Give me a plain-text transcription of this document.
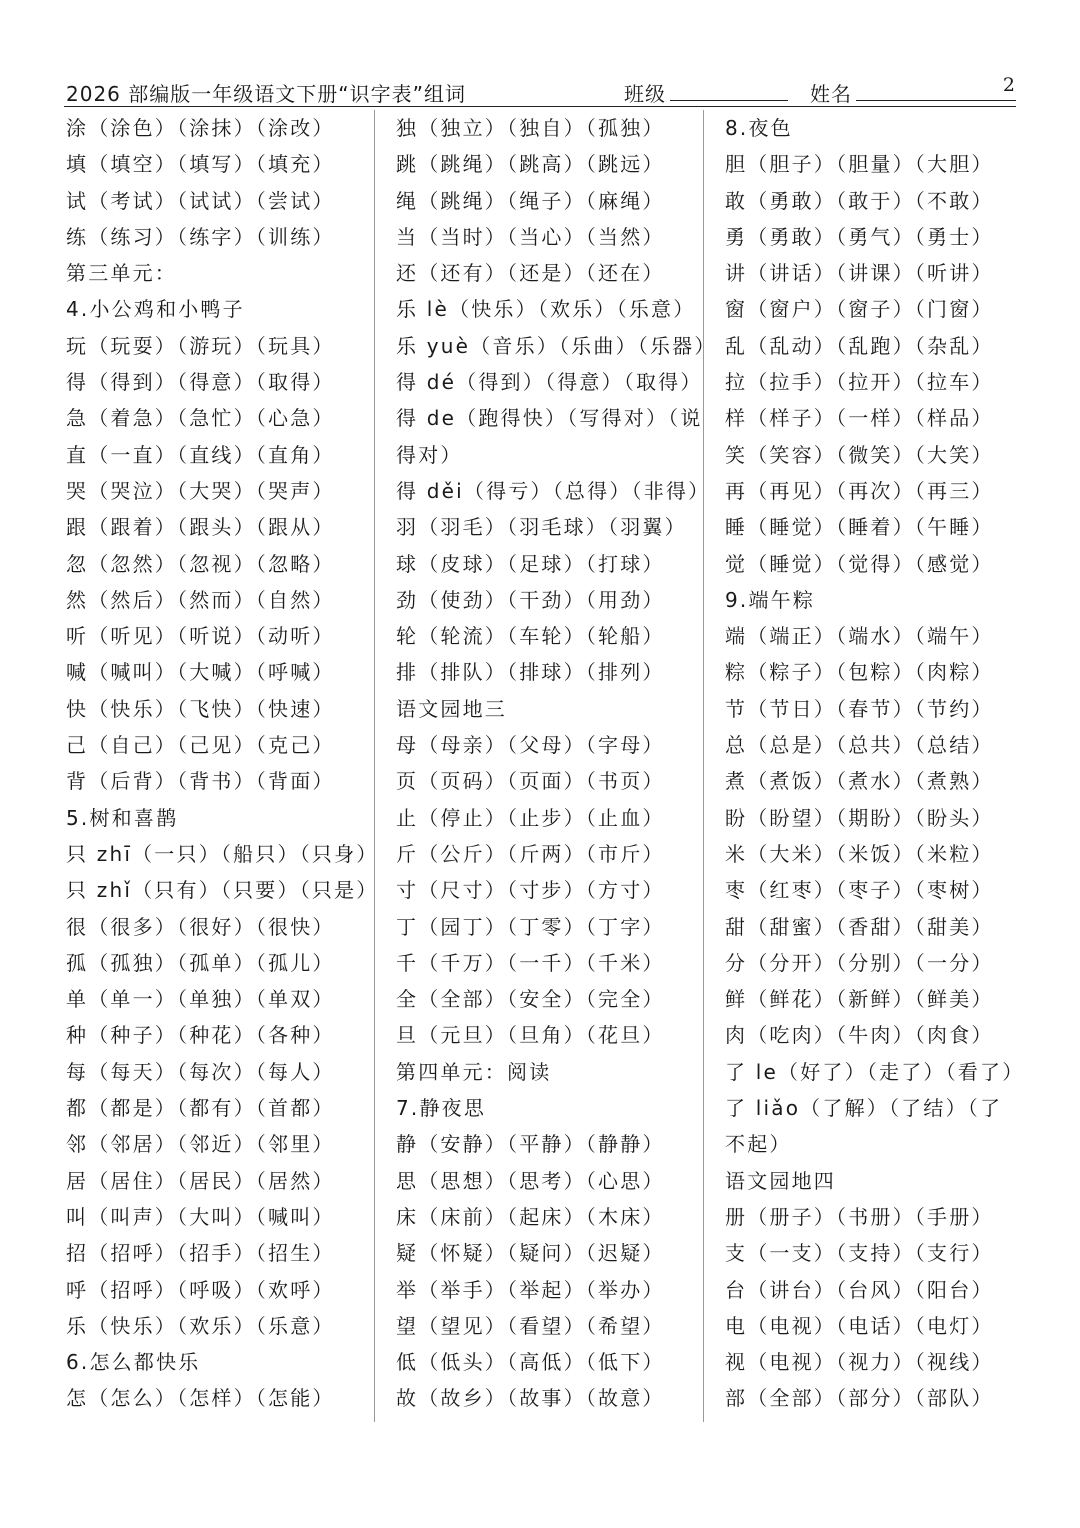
2026 部编版一年级语文下册“识字表”组词	班级	姓名	2
涂（涂色）（涂抹）（涂改）
填（填空）（填写）（填充）
试（考试）（试试）（尝试）
练（练习）（练字）（训练）
第三单元：
4.小公鸡和小鸭子
玩（玩耍）（游玩）（玩具）
得（得到）（得意）（取得）
急（着急）（急忙）（心急）
直（一直）（直线）（直角）
哭（哭泣）（大哭）（哭声）
跟（跟着）（跟头）（跟从）
忽（忽然）（忽视）（忽略）
然（然后）（然而）（自然）
听（听见）（听说）（动听）
喊（喊叫）（大喊）（呼喊）
快（快乐）（飞快）（快速）
己（自己）（己见）（克己）
背（后背）（背书）（背面）
5.树和喜鹊
只 zhī（一只）（船只）（只身）
只 zhǐ（只有）（只要）（只是）
很（很多）（很好）（很快）
孤（孤独）（孤单）（孤儿）
单（单一）（单独）（单双）
种（种子）（种花）（各种）
每（每天）（每次）（每人）
都（都是）（都有）（首都）
邻（邻居）（邻近）（邻里）
居（居住）（居民）（居然）
叫（叫声）（大叫）（喊叫）
招（招呼）（招手）（招生）
呼（招呼）（呼吸）（欢呼）
乐（快乐）（欢乐）（乐意）
6.怎么都快乐
怎（怎么）（怎样）（怎能）
独（独立）（独自）（孤独）
跳（跳绳）（跳高）（跳远）
绳（跳绳）（绳子）（麻绳）
当（当时）（当心）（当然）
还（还有）（还是）（还在）
乐 lè（快乐）（欢乐）（乐意）
乐 yuè（音乐）（乐曲）（乐器）
得 dé（得到）（得意）（取得）
得 de（跑得快）（写得对）（说
得对）
得 děi（得亏）（总得）（非得）
羽（羽毛）（羽毛球）（羽翼）
球（皮球）（足球）（打球）
劲（使劲）（干劲）（用劲）
轮（轮流）（车轮）（轮船）
排（排队）（排球）（排列）
语文园地三
母（母亲）（父母）（字母）
页（页码）（页面）（书页）
止（停止）（止步）（止血）
斤（公斤）（斤两）（市斤）
寸（尺寸）（寸步）（方寸）
丁（园丁）（丁零）（丁字）
千（千万）（一千）（千米）
全（全部）（安全）（完全）
旦（元旦）（旦角）（花旦）
第四单元：阅读
7.静夜思
静（安静）（平静）（静静）
思（思想）（思考）（心思）
床（床前）（起床）（木床）
疑（怀疑）（疑问）（迟疑）
举（举手）（举起）（举办）
望（望见）（看望）（希望）
低（低头）（高低）（低下）
故（故乡）（故事）（故意）
8.夜色
胆（胆子）（胆量）（大胆）
敢（勇敢）（敢于）（不敢）
勇（勇敢）（勇气）（勇士）
讲（讲话）（讲课）（听讲）
窗（窗户）（窗子）（门窗）
乱（乱动）（乱跑）（杂乱）
拉（拉手）（拉开）（拉车）
样（样子）（一样）（样品）
笑（笑容）（微笑）（大笑）
再（再见）（再次）（再三）
睡（睡觉）（睡着）（午睡）
觉（睡觉）（觉得）（感觉）
9.端午粽
端（端正）（端水）（端午）
粽（粽子）（包粽）（肉粽）
节（节日）（春节）（节约）
总（总是）（总共）（总结）
煮（煮饭）（煮水）（煮熟）
盼（盼望）（期盼）（盼头）
米（大米）（米饭）（米粒）
枣（红枣）（枣子）（枣树）
甜（甜蜜）（香甜）（甜美）
分（分开）（分别）（一分）
鲜（鲜花）（新鲜）（鲜美）
肉（吃肉）（牛肉）（肉食）
了 le（好了）（走了）（看了）
了 liǎo（了解）（了结）（了
不起）
语文园地四
册（册子）（书册）（手册）
支（一支）（支持）（支行）
台（讲台）（台风）（阳台）
电（电视）（电话）（电灯）
视（电视）（视力）（视线）
部（全部）（部分）（部队）
